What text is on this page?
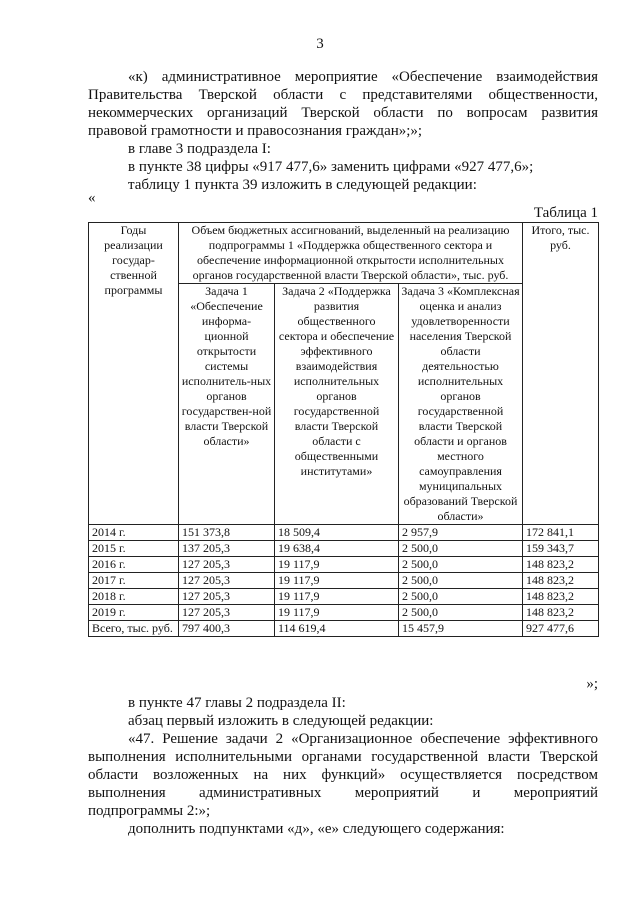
3

«к) административное мероприятие «Обеспечение взаимодействия

Правительства Тверской области с представителями общественности,

некоммерческих организаций Тверской области по вопросам развития

правовой грамотности и правосознания граждан»;»;

в главе 3 подраздела I:

в пункте 38 цифры «917 477,6» заменить цифрами «927 477,6»;

таблицу 1 пункта 39 изложить в следующей редакции:

«
Таблица 1
Годы реализации государ-ственной программы	Объем бюджетных ассигнований, выделенный на реализацию подпрограммы 1 «Поддержка общественного сектора и обеспечение информационной открытости исполнительных органов государственной власти Тверской области», тыс. руб.			Итого, тыс. руб.
	Задача 1 «Обеспечение информа-ционной открытости системы исполнитель-ных органов государствен-ной власти Тверской области»	Задача 2 «Поддержка развития общественного сектора и обеспечение эффективного взаимодействия исполнительных органов государственной власти Тверской области с общественными институтами»	Задача 3 «Комплексная оценка и анализ удовлетворенности населения Тверской области деятельностью исполнительных органов государственной власти Тверской области и органов местного самоуправления муниципальных образований Тверской области»	
2014 г.	151 373,8	18 509,4	2 957,9	172 841,1
2015 г.	137 205,3	19 638,4	2 500,0	159 343,7
2016 г.	127 205,3	19 117,9	2 500,0	148 823,2
2017 г.	127 205,3	19 117,9	2 500,0	148 823,2
2018 г.	127 205,3	19 117,9	2 500,0	148 823,2
2019 г.	127 205,3	19 117,9	2 500,0	148 823,2
Всего, тыс. руб.	797 400,3	114 619,4	15 457,9	927 477,6
»;

в пункте 47 главы 2 подраздела II:

абзац первый изложить в следующей редакции:

«47. Решение задачи 2 «Организационное обеспечение эффективного

выполнения исполнительными органами государственной власти Тверской

области возложенных на них функций» осуществляется посредством

выполнения административных мероприятий и мероприятий

подпрограммы 2:»;

дополнить подпунктами «д», «е» следующего содержания:
